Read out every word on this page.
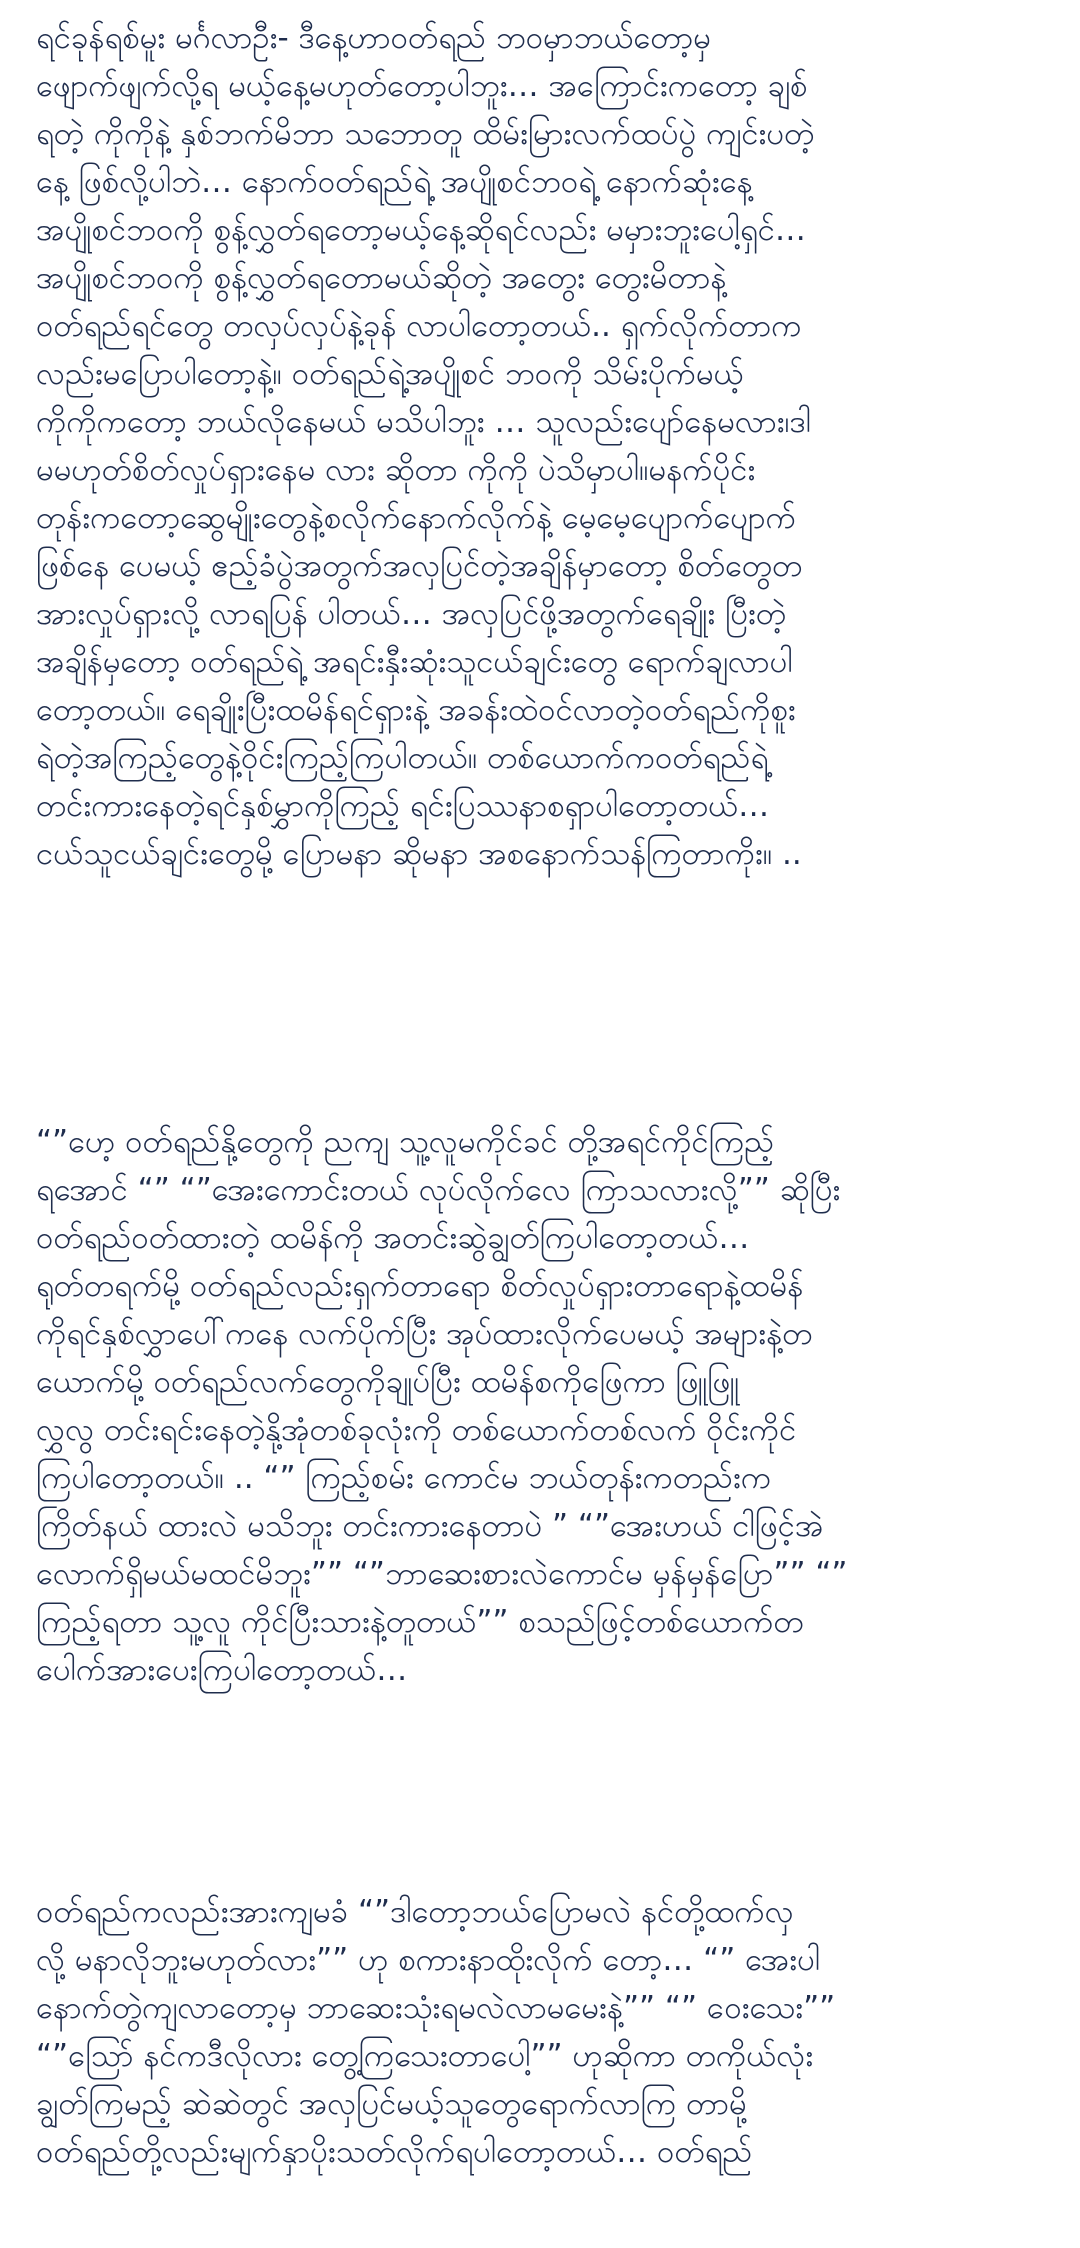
ရင်ခုန်ရစ်မူး မင်္ဂလာဦး- ဒီနေ့ဟာ၀တ်ရည် ဘ၀မှာဘယ်တော့မှ
ဖျောက်ဖျက်လို့ရ မယ့်နေ့မဟုတ်တော့ပါဘူး… အကြောင်းကတော့ ချစ်
ရတဲ့ ကိုကိုနဲ့ နှစ်ဘက်မိဘာ သဘောတူ ထိမ်းမြားလက်ထပ်ပွဲ ကျင်းပတဲ့
နေ့ ဖြစ်လို့ပါဘဲ… နောက်၀တ်ရည်ရဲ့ အပျိုစင်ဘ၀ရဲ့ နောက်ဆုံးနေ့
အပျိုစင်ဘ၀ကို စွန့်လွှတ်ရတော့မယ့်နေ့ဆိုရင်လည်း မမှားဘူးပေါ့ရှင်…
အပျိုစင်ဘ၀ကို စွန့်လွှတ်ရတောမယ်ဆိုတဲ့ အတွေး တွေးမိတာနဲ့
၀တ်ရည်ရင်တွေ တလှပ်လှပ်နဲ့ခုန် လာပါတော့တယ်.. ရှက်လိုက်တာက
လည်းမပြောပါတော့နဲ့။ ၀တ်ရည်ရဲ့အပျိုစင် ဘ၀ကို သိမ်းပိုက်မယ့်
ကိုကိုကတော့ ဘယ်လိုနေမယ် မသိပါဘူး … သူလည်းပျော်နေမလား၊ဒါ
မမဟုတ်စိတ်လှုပ်ရှားနေမ လား ဆိုတာ ကိုကို ပဲသိမှာပါ။မနက်ပိုင်း
တုန်းကတော့ဆွေမျိုးတွေနဲ့စလိုက်နောက်လိုက်နဲ့ မေ့မေ့ပျောက်ပျောက်
ဖြစ်နေ ပေမယ့် ဧည့်ခံပွဲအတွက်အလှပြင်တဲ့အချိန်မှာတော့ စိတ်တွေတ
အားလှုပ်ရှားလို့ လာရပြန် ပါတယ်… အလှပြင်ဖို့အတွက်ရေချိုး ပြီးတဲ့
အချိန်မှတော့ ၀တ်ရည်ရဲ့ အရင်းနှီးဆုံးသူငယ်ချင်းတွေ ရောက်ချလာပါ
တော့တယ်။ ရေချိုးပြီးထမိန်ရင်ရှားနဲ့ အခန်းထဲ၀င်လာတဲ့၀တ်ရည်ကိုစူး
ရဲတဲ့အကြည့်တွေနဲ့ဝိုင်းကြည့်ကြပါတယ်။ တစ်ယောက်က၀တ်ရည်ရဲ့
တင်းကားနေတဲ့ရင်နှစ်မွှာကိုကြည့် ရင်းပြဿနာစရှာပါတော့တယ်…
ငယ်သူငယ်ချင်းတွေမို့ ပြောမနာ ဆိုမနာ အစနောက်သန်ကြတာကိုး။ ..
“”ဟေ့ ၀တ်ရည်နို့တွေကို ညကျ သူ့လူမကိုင်ခင် တို့အရင်ကိုင်ကြည့်
ရအောင် “” “”အေးကောင်းတယ် လုပ်လိုက်လေ ကြာသလားလို့”” ဆိုပြီး
၀တ်ရည်၀တ်ထားတဲ့ ထမိန်ကို အတင်းဆွဲချွတ်ကြပါတော့တယ်…
ရုတ်တရက်မို့ ၀တ်ရည်လည်းရှက်တာရော စိတ်လှုပ်ရှားတာရောနဲ့ထမိန်
ကိုရင်နှစ်လွှာပေါ်ကနေ လက်ပိုက်ပြီး အုပ်ထားလိုက်ပေမယ့် အများနဲ့တ
ယောက်မို့ ၀တ်ရည်လက်တွေကိုချုပ်ပြီး ထမိန်စကိုဖြေကာ ဖြူဖြူ
လွှလွ တင်းရင်းနေတဲ့နို့အုံတစ်ခုလုံးကို တစ်ယောက်တစ်လက် ဝိုင်းကိုင်
ကြပါတော့တယ်။ .. “” ကြည့်စမ်း ကောင်မ ဘယ်တုန်းကတည်းက
ကြိတ်နယ် ထားလဲ မသိဘူး တင်းကားနေတာပဲ ” “”အေးဟယ် ငါဖြင့်အဲ
လောက်ရှိမယ်မထင်မိဘူး”” “”ဘာဆေးစားလဲကောင်မ မှန်မှန်ပြော”” “”
ကြည့်ရတာ သူ့လူ ကိုင်ပြီးသားနဲ့တူတယ်”” စသည်ဖြင့်တစ်ယောက်တ
ပေါက်အားပေးကြပါတော့တယ်…
၀တ်ရည်ကလည်းအားကျမခံ “”ဒါတော့ဘယ်ပြောမလဲ နင်တို့ထက်လှ
လို့ မနာလိုဘူးမဟုတ်လား”” ဟု စကားနာထိုးလိုက် တော့… “” အေးပါ
နောက်တွဲကျလာတော့မှ ဘာဆေးသုံးရမလဲလာမမေးနဲ့”” “” ၀ေးသေး””
“”ဩော် နင်ကဒီလိုလား တွေ့ကြသေးတာပေါ့”” ဟုဆိုကာ တကိုယ်လုံး
ချွတ်ကြမည့် ဆဲဆဲတွင် အလှပြင်မယ့်သူတွေရောက်လာကြ တာမို့
၀တ်ရည်တို့လည်းမျက်နှာပိုးသတ်လိုက်ရပါတော့တယ်… ၀တ်ရည်
